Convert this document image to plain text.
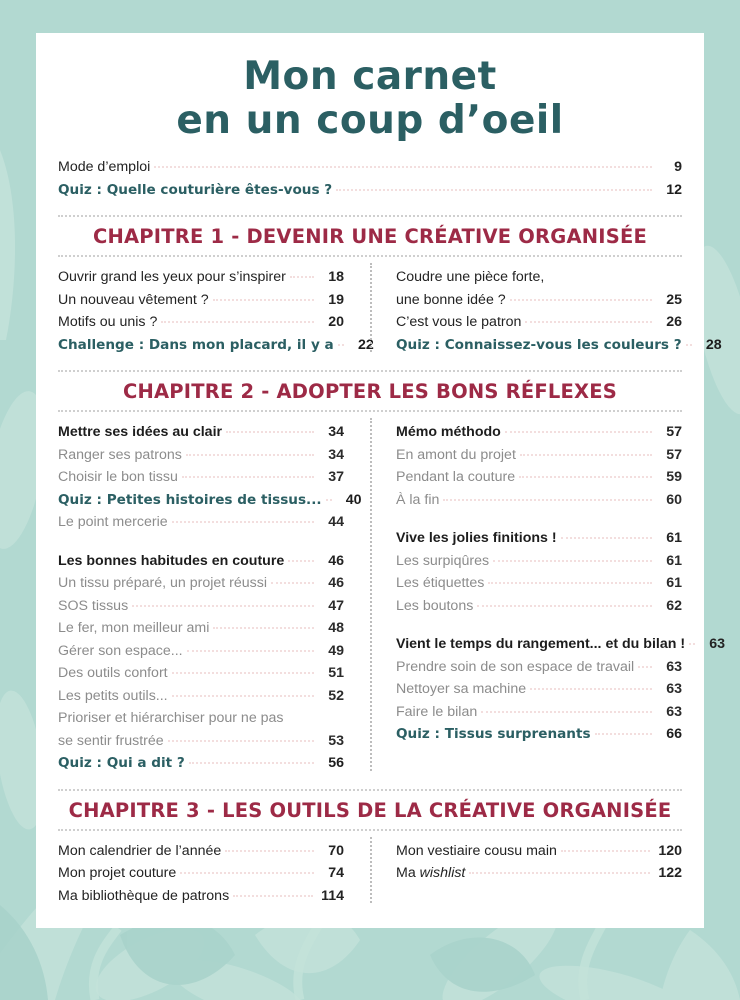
Mon carnet
en un coup d’oeil
Mode d’emploi	9
Quiz : Quelle couturière êtes-vous ?	12
CHAPITRE 1 - DEVENIR UNE CRÉATIVE ORGANISÉE
Ouvrir grand les yeux pour s’inspirer	18
Un nouveau vêtement ?	19
Motifs ou unis ?	20
Challenge : Dans mon placard, il y a	22
Coudre une pièce forte,
une bonne idée ?	25
C’est vous le patron	26
Quiz : Connaissez-vous les couleurs ?	28
CHAPITRE 2 - ADOPTER LES BONS RÉFLEXES
Mettre ses idées au clair	34
Ranger ses patrons	34
Choisir le bon tissu	37
Quiz : Petites histoires de tissus...	40
Le point mercerie	44
Les bonnes habitudes en couture	46
Un tissu préparé, un projet réussi	46
SOS tissus	47
Le fer, mon meilleur ami	48
Gérer son espace...	49
Des outils confort	51
Les petits outils...	52
Prioriser et hiérarchiser pour ne pas
se sentir frustrée	53
Quiz : Qui a dit ?	56
Mémo méthodo	57
En amont du projet	57
Pendant la couture	59
À la fin	60
Vive les jolies finitions !	61
Les surpiqûres	61
Les étiquettes	61
Les boutons	62
Vient le temps du rangement... et du bilan !	63
Prendre soin de son espace de travail	63
Nettoyer sa machine	63
Faire le bilan	63
Quiz : Tissus surprenants	66
CHAPITRE 3 - LES OUTILS DE LA CRÉATIVE ORGANISÉE
Mon calendrier de l’année	70
Mon projet couture	74
Ma bibliothèque de patrons	114
Mon vestiaire cousu main	120
Ma wishlist	122
